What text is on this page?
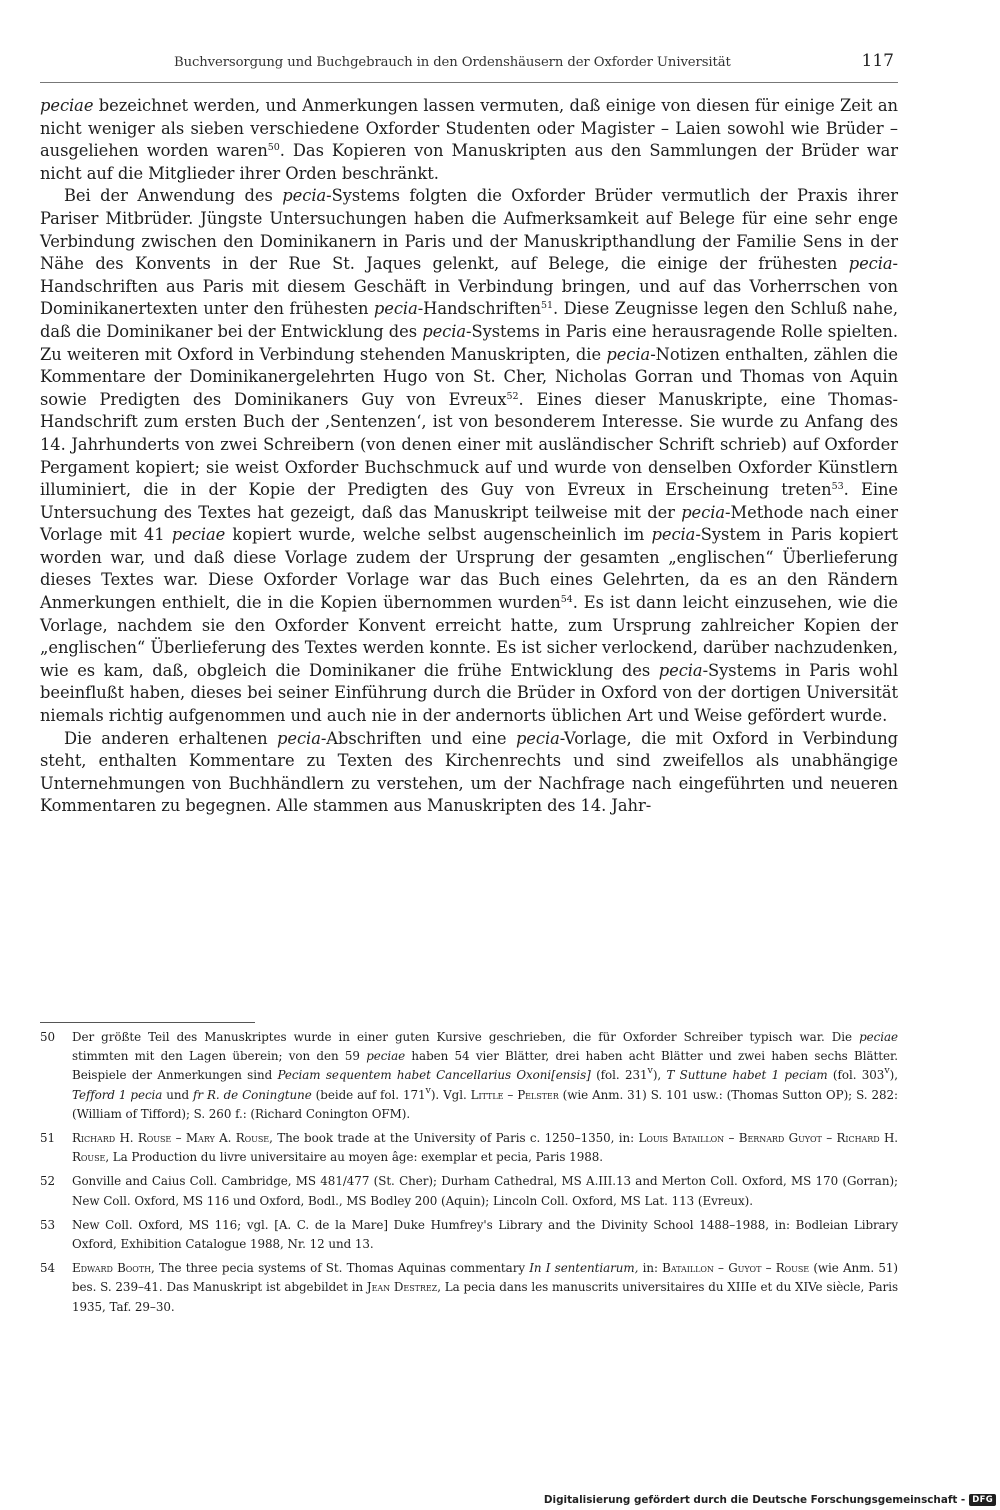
Buchversorgung und Buchgebrauch in den Ordenshäusern der Oxforder Universität	117

peciae bezeichnet werden, und Anmerkungen lassen vermuten, daß einige von diesen für einige Zeit an nicht weniger als sieben verschiedene Oxforder Studenten oder Magister – Laien sowohl wie Brüder – ausgeliehen worden waren$^{50}$. Das Kopieren von Manuskripten aus den Sammlungen der Brüder war nicht auf die Mitglieder ihrer Orden beschränkt.

Bei der Anwendung des pecia-Systems folgten die Oxforder Brüder vermutlich der Praxis ihrer Pariser Mitbrüder. Jüngste Untersuchungen haben die Aufmerksamkeit auf Belege für eine sehr enge Verbindung zwischen den Dominikanern in Paris und der Manuskripthandlung der Familie Sens in der Nähe des Konvents in der Rue St. Jaques gelenkt, auf Belege, die einige der frühesten pecia-Handschriften aus Paris mit diesem Geschäft in Verbindung bringen, und auf das Vorherrschen von Dominikanertexten unter den frühesten pecia-Handschriften$^{51}$. Diese Zeugnisse legen den Schluß nahe, daß die Dominikaner bei der Entwicklung des pecia-Systems in Paris eine herausragende Rolle spielten. Zu weiteren mit Oxford in Verbindung stehenden Manuskripten, die pecia-Notizen enthalten, zählen die Kommentare der Dominikanergelehrten Hugo von St. Cher, Nicholas Gorran und Thomas von Aquin sowie Predigten des Dominikaners Guy von Evreux$^{52}$. Eines dieser Manuskripte, eine Thomas-Handschrift zum ersten Buch der ‚Sentenzen‘, ist von besonderem Interesse. Sie wurde zu Anfang des 14. Jahrhunderts von zwei Schreibern (von denen einer mit ausländischer Schrift schrieb) auf Oxforder Pergament kopiert; sie weist Oxforder Buchschmuck auf und wurde von denselben Oxforder Künstlern illuminiert, die in der Kopie der Predigten des Guy von Evreux in Erscheinung treten$^{53}$. Eine Untersuchung des Textes hat gezeigt, daß das Manuskript teilweise mit der pecia-Methode nach einer Vorlage mit 41 peciae kopiert wurde, welche selbst augenscheinlich im pecia-System in Paris kopiert worden war, und daß diese Vorlage zudem der Ursprung der gesamten „englischen“ Überlieferung dieses Textes war. Diese Oxforder Vorlage war das Buch eines Gelehrten, da es an den Rändern Anmerkungen enthielt, die in die Kopien übernommen wurden$^{54}$. Es ist dann leicht einzusehen, wie die Vorlage, nachdem sie den Oxforder Konvent erreicht hatte, zum Ursprung zahlreicher Kopien der „englischen“ Überlieferung des Textes werden konnte. Es ist sicher verlockend, darüber nachzudenken, wie es kam, daß, obgleich die Dominikaner die frühe Entwicklung des pecia-Systems in Paris wohl beeinflußt haben, dieses bei seiner Einführung durch die Brüder in Oxford von der dortigen Universität niemals richtig aufgenommen und auch nie in der andernorts üblichen Art und Weise gefördert wurde.

Die anderen erhaltenen pecia-Abschriften und eine pecia-Vorlage, die mit Oxford in Verbindung steht, enthalten Kommentare zu Texten des Kirchenrechts und sind zweifellos als unabhängige Unternehmungen von Buchhändlern zu verstehen, um der Nachfrage nach eingeführten und neueren Kommentaren zu begegnen. Alle stammen aus Manuskripten des 14. Jahr-

50	Der größte Teil des Manuskriptes wurde in einer guten Kursive geschrieben, die für Oxforder Schreiber typisch war. Die peciae stimmten mit den Lagen überein; von den 59 peciae haben 54 vier Blätter, drei haben acht Blätter und zwei haben sechs Blätter. Beispiele der Anmerkungen sind Peciam sequentem habet Cancellarius Oxoni[ensis] (fol. 231$^v$), T Suttune habet 1 peciam (fol. 303$^v$), Tefford 1 pecia und fr R. de Coningtune (beide auf fol. 171$^v$). Vgl. Little – Pelster (wie Anm. 31) S. 101 usw.: (Thomas Sutton OP); S. 282: (William of Tifford); S. 260 f.: (Richard Conington OFM).
51	Richard H. Rouse – Mary A. Rouse, The book trade at the University of Paris c. 1250–1350, in: Louis Bataillon – Bernard Guyot – Richard H. Rouse, La Production du livre universitaire au moyen âge: exemplar et pecia, Paris 1988.
52	Gonville and Caius Coll. Cambridge, MS 481/477 (St. Cher); Durham Cathedral, MS A.III.13 and Merton Coll. Oxford, MS 170 (Gorran); New Coll. Oxford, MS 116 und Oxford, Bodl., MS Bodley 200 (Aquin); Lincoln Coll. Oxford, MS Lat. 113 (Evreux).
53	New Coll. Oxford, MS 116; vgl. [A. C. de la Mare] Duke Humfrey's Library and the Divinity School 1488–1988, in: Bodleian Library Oxford, Exhibition Catalogue 1988, Nr. 12 und 13.
54	Edward Booth, The three pecia systems of St. Thomas Aquinas commentary In I sententiarum, in: Bataillon – Guyot – Rouse (wie Anm. 51) bes. S. 239–41. Das Manuskript ist abgebildet in Jean Destrez, La pecia dans les manuscrits universitaires du XIIIe et du XIVe siècle, Paris 1935, Taf. 29–30.
Digitalisierung gefördert durch die Deutsche Forschungsgemeinschaft - DFG
